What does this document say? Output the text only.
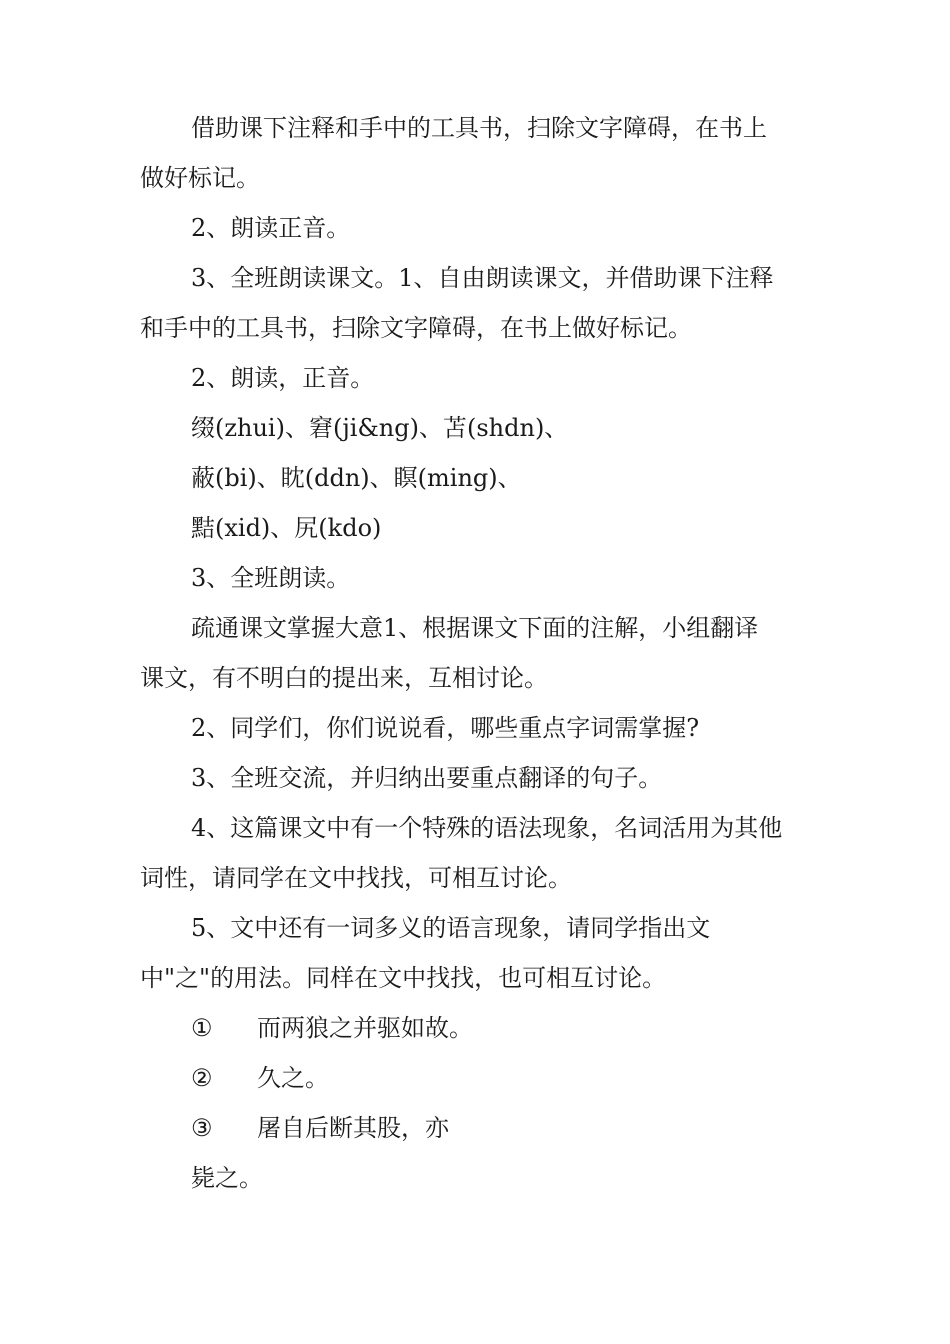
借助课下注释和手中的工具书，扫除文字障碍，在书上
做好标记。
2、朗读正音。
3、全班朗读课文。1、自由朗读课文，并借助课下注释
和手中的工具书，扫除文字障碍，在书上做好标记。
2、朗读，正音。
缀(zhui)、窘(ji&ng)、苫(shdn)、
蔽(bi)、眈(ddn)、瞑(ming)、
黠(xid)、尻(kdo)
3、全班朗读。
疏通课文掌握大意1、根据课文下面的注解，小组翻译
课文，有不明白的提出来，互相讨论。
2、同学们，你们说说看，哪些重点字词需掌握?
3、全班交流，并归纳出要重点翻译的句子。
4、这篇课文中有一个特殊的语法现象，名词活用为其他
词性，请同学在文中找找，可相互讨论。
5、文中还有一词多义的语言现象，请同学指出文
中"之"的用法。同样在文中找找，也可相互讨论。
① 而两狼之并驱如故。
② 久之。
③ 屠自后断其股，亦
毙之。
